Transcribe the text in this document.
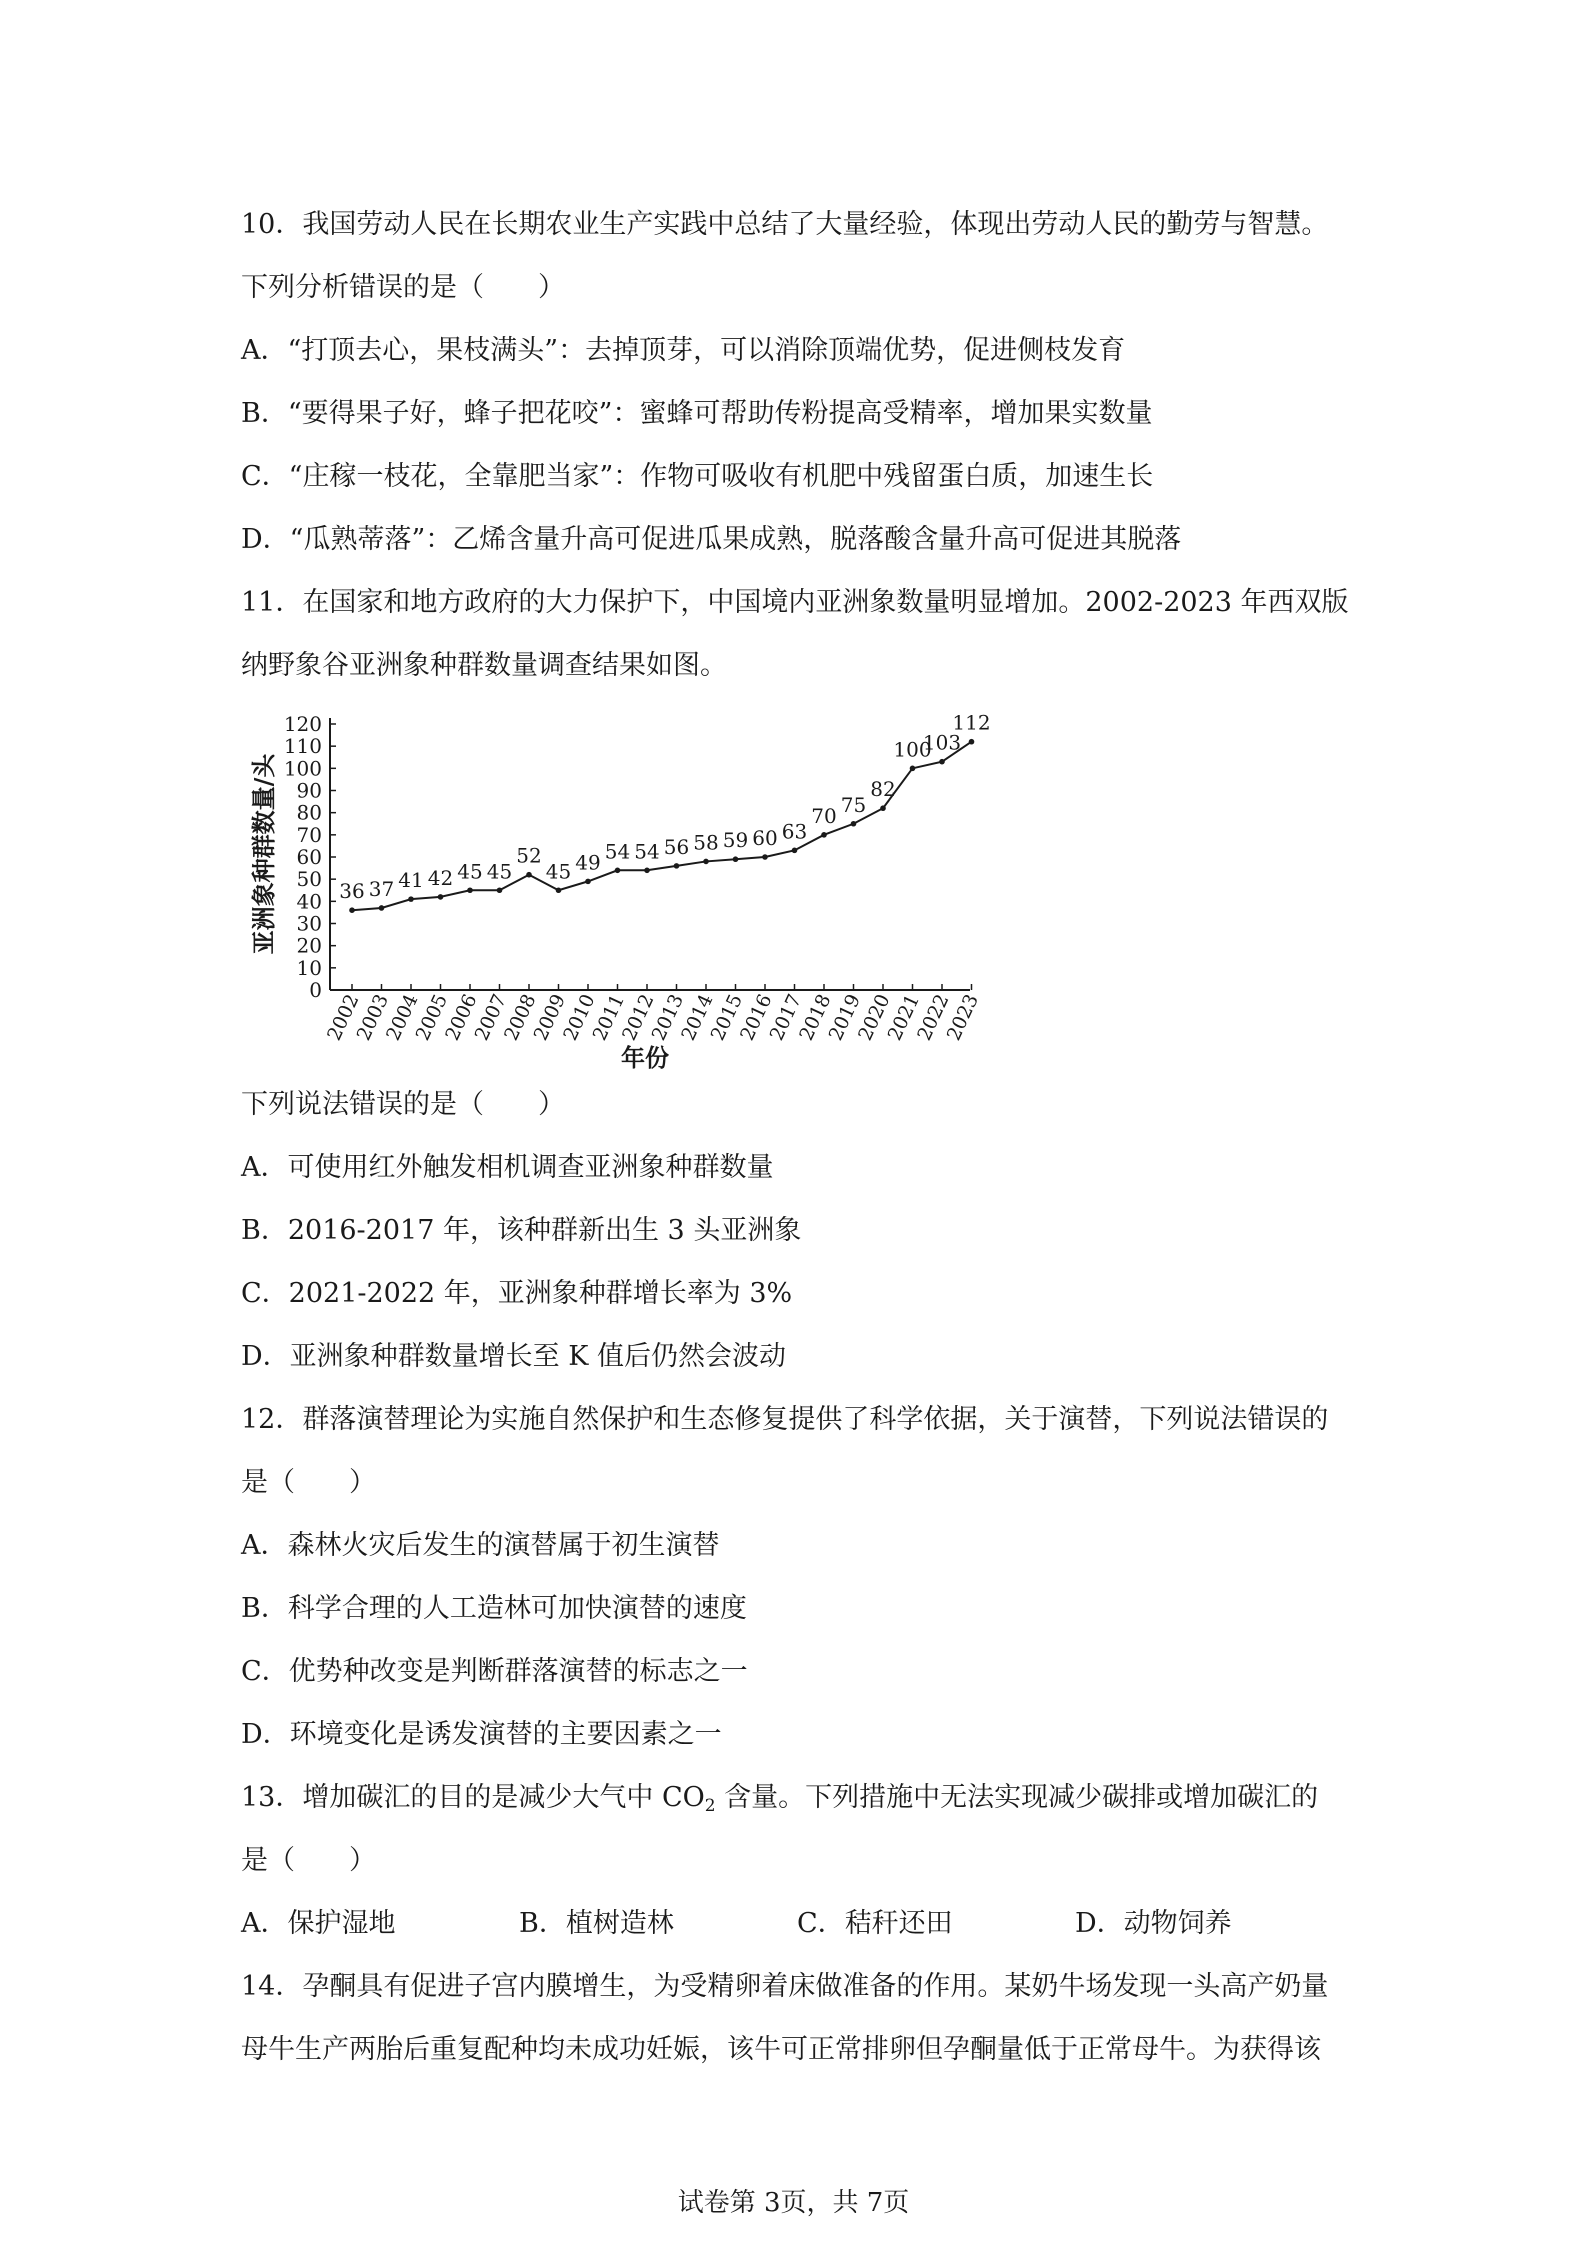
10．我国劳动人民在长期农业生产实践中总结了大量经验，体现出劳动人民的勤劳与智慧。
下列分析错误的是（　　）
A．“打顶去心，果枝满头”：去掉顶芽，可以消除顶端优势，促进侧枝发育
B．“要得果子好，蜂子把花咬”：蜜蜂可帮助传粉提高受精率，增加果实数量
C．“庄稼一枝花，全靠肥当家”：作物可吸收有机肥中残留蛋白质，加速生长
D．“瓜熟蒂落”：乙烯含量升高可促进瓜果成熟，脱落酸含量升高可促进其脱落
11．在国家和地方政府的大力保护下，中国境内亚洲象数量明显增加。2002-2023 年西双版
纳野象谷亚洲象种群数量调查结果如图。
0
10
20
30
40
50
60
70
80
90
100
110
120
2002
2003
2004
2005
2006
2007
2008
2009
2010
2011
2012
2013
2014
2015
2016
2017
2018
2019
2020
2021
2022
2023
36 37 41 42 45 45
52
45 49 54 54 56 58 59 60 63
70 75
82
100
103
112
亚洲象种群数量/头
年份
下列说法错误的是（　　）
A．可使用红外触发相机调查亚洲象种群数量
B．2016-2017 年，该种群新出生 3 头亚洲象
C．2021-2022 年，亚洲象种群增长率为 3%
D．亚洲象种群数量增长至 K 值后仍然会波动
12．群落演替理论为实施自然保护和生态修复提供了科学依据，关于演替，下列说法错误的
是（　　）
A．森林火灾后发生的演替属于初生演替
B．科学合理的人工造林可加快演替的速度
C．优势种改变是判断群落演替的标志之一
D．环境变化是诱发演替的主要因素之一
13．增加碳汇的目的是减少大气中 $CO_2$ 含量。下列措施中无法实现减少碳排或增加碳汇的
是（　　）
A．保护湿地	B．植树造林	C．秸秆还田	D．动物饲养
14．孕酮具有促进子宫内膜增生，为受精卵着床做准备的作用。某奶牛场发现一头高产奶量
母牛生产两胎后重复配种均未成功妊娠，该牛可正常排卵但孕酮量低于正常母牛。为获得该
试卷第 3页，共 7页
